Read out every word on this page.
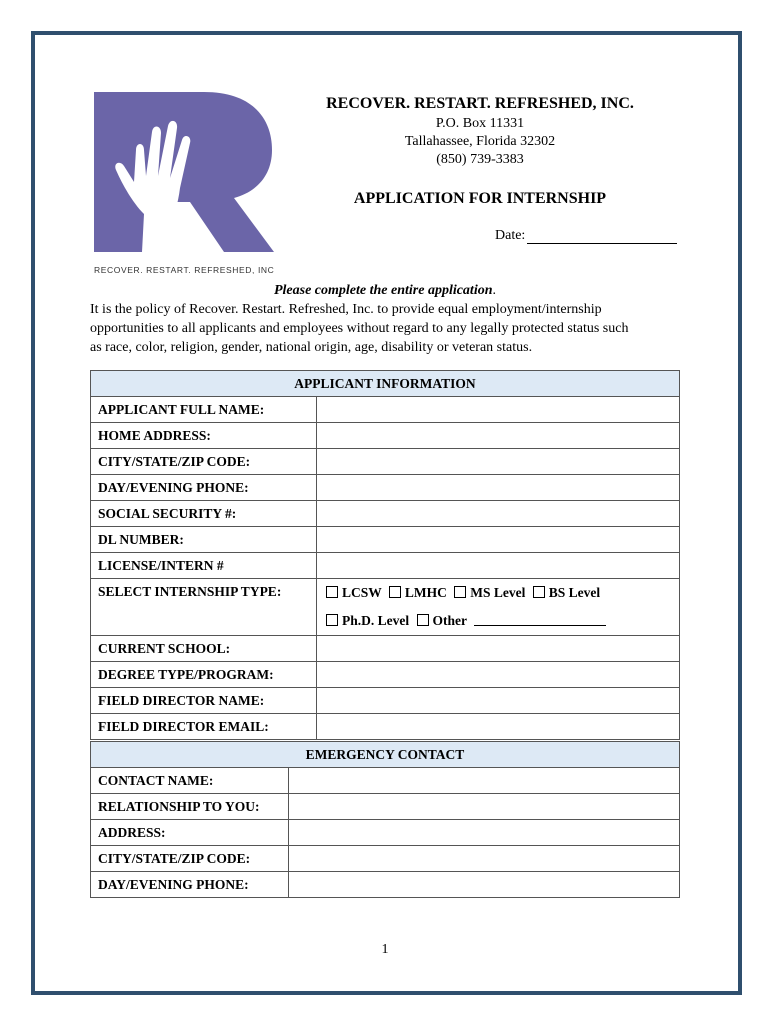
RECOVER. RESTART. REFRESHED, INC
RECOVER. RESTART. REFRESHED, INC.
P.O. Box 11331
Tallahassee, Florida 32302
(850) 739-3383
APPLICATION FOR INTERNSHIP
Date:
Please complete the entire application.
It is the policy of Recover. Restart. Refreshed, Inc. to provide equal employment/internship
opportunities to all applicants and employees without regard to any legally protected status such
as race, color, religion, gender, national origin, age, disability or veteran status.
APPLICANT INFORMATION	
APPLICANT FULL NAME:	
HOME ADDRESS:	
CITY/STATE/ZIP CODE:	
DAY/EVENING PHONE:	
SOCIAL SECURITY #:	
DL NUMBER:	
LICENSE/INTERN #	
SELECT INTERNSHIP TYPE:	LCSW LMHC MS Level BS Level
Ph.D. Level Other

CURRENT SCHOOL:	
DEGREE TYPE/PROGRAM:	
FIELD DIRECTOR NAME:	
FIELD DIRECTOR EMAIL:	
EMERGENCY CONTACT	
CONTACT NAME:	
RELATIONSHIP TO YOU:	
ADDRESS:	
CITY/STATE/ZIP CODE:	
DAY/EVENING PHONE:	
1
